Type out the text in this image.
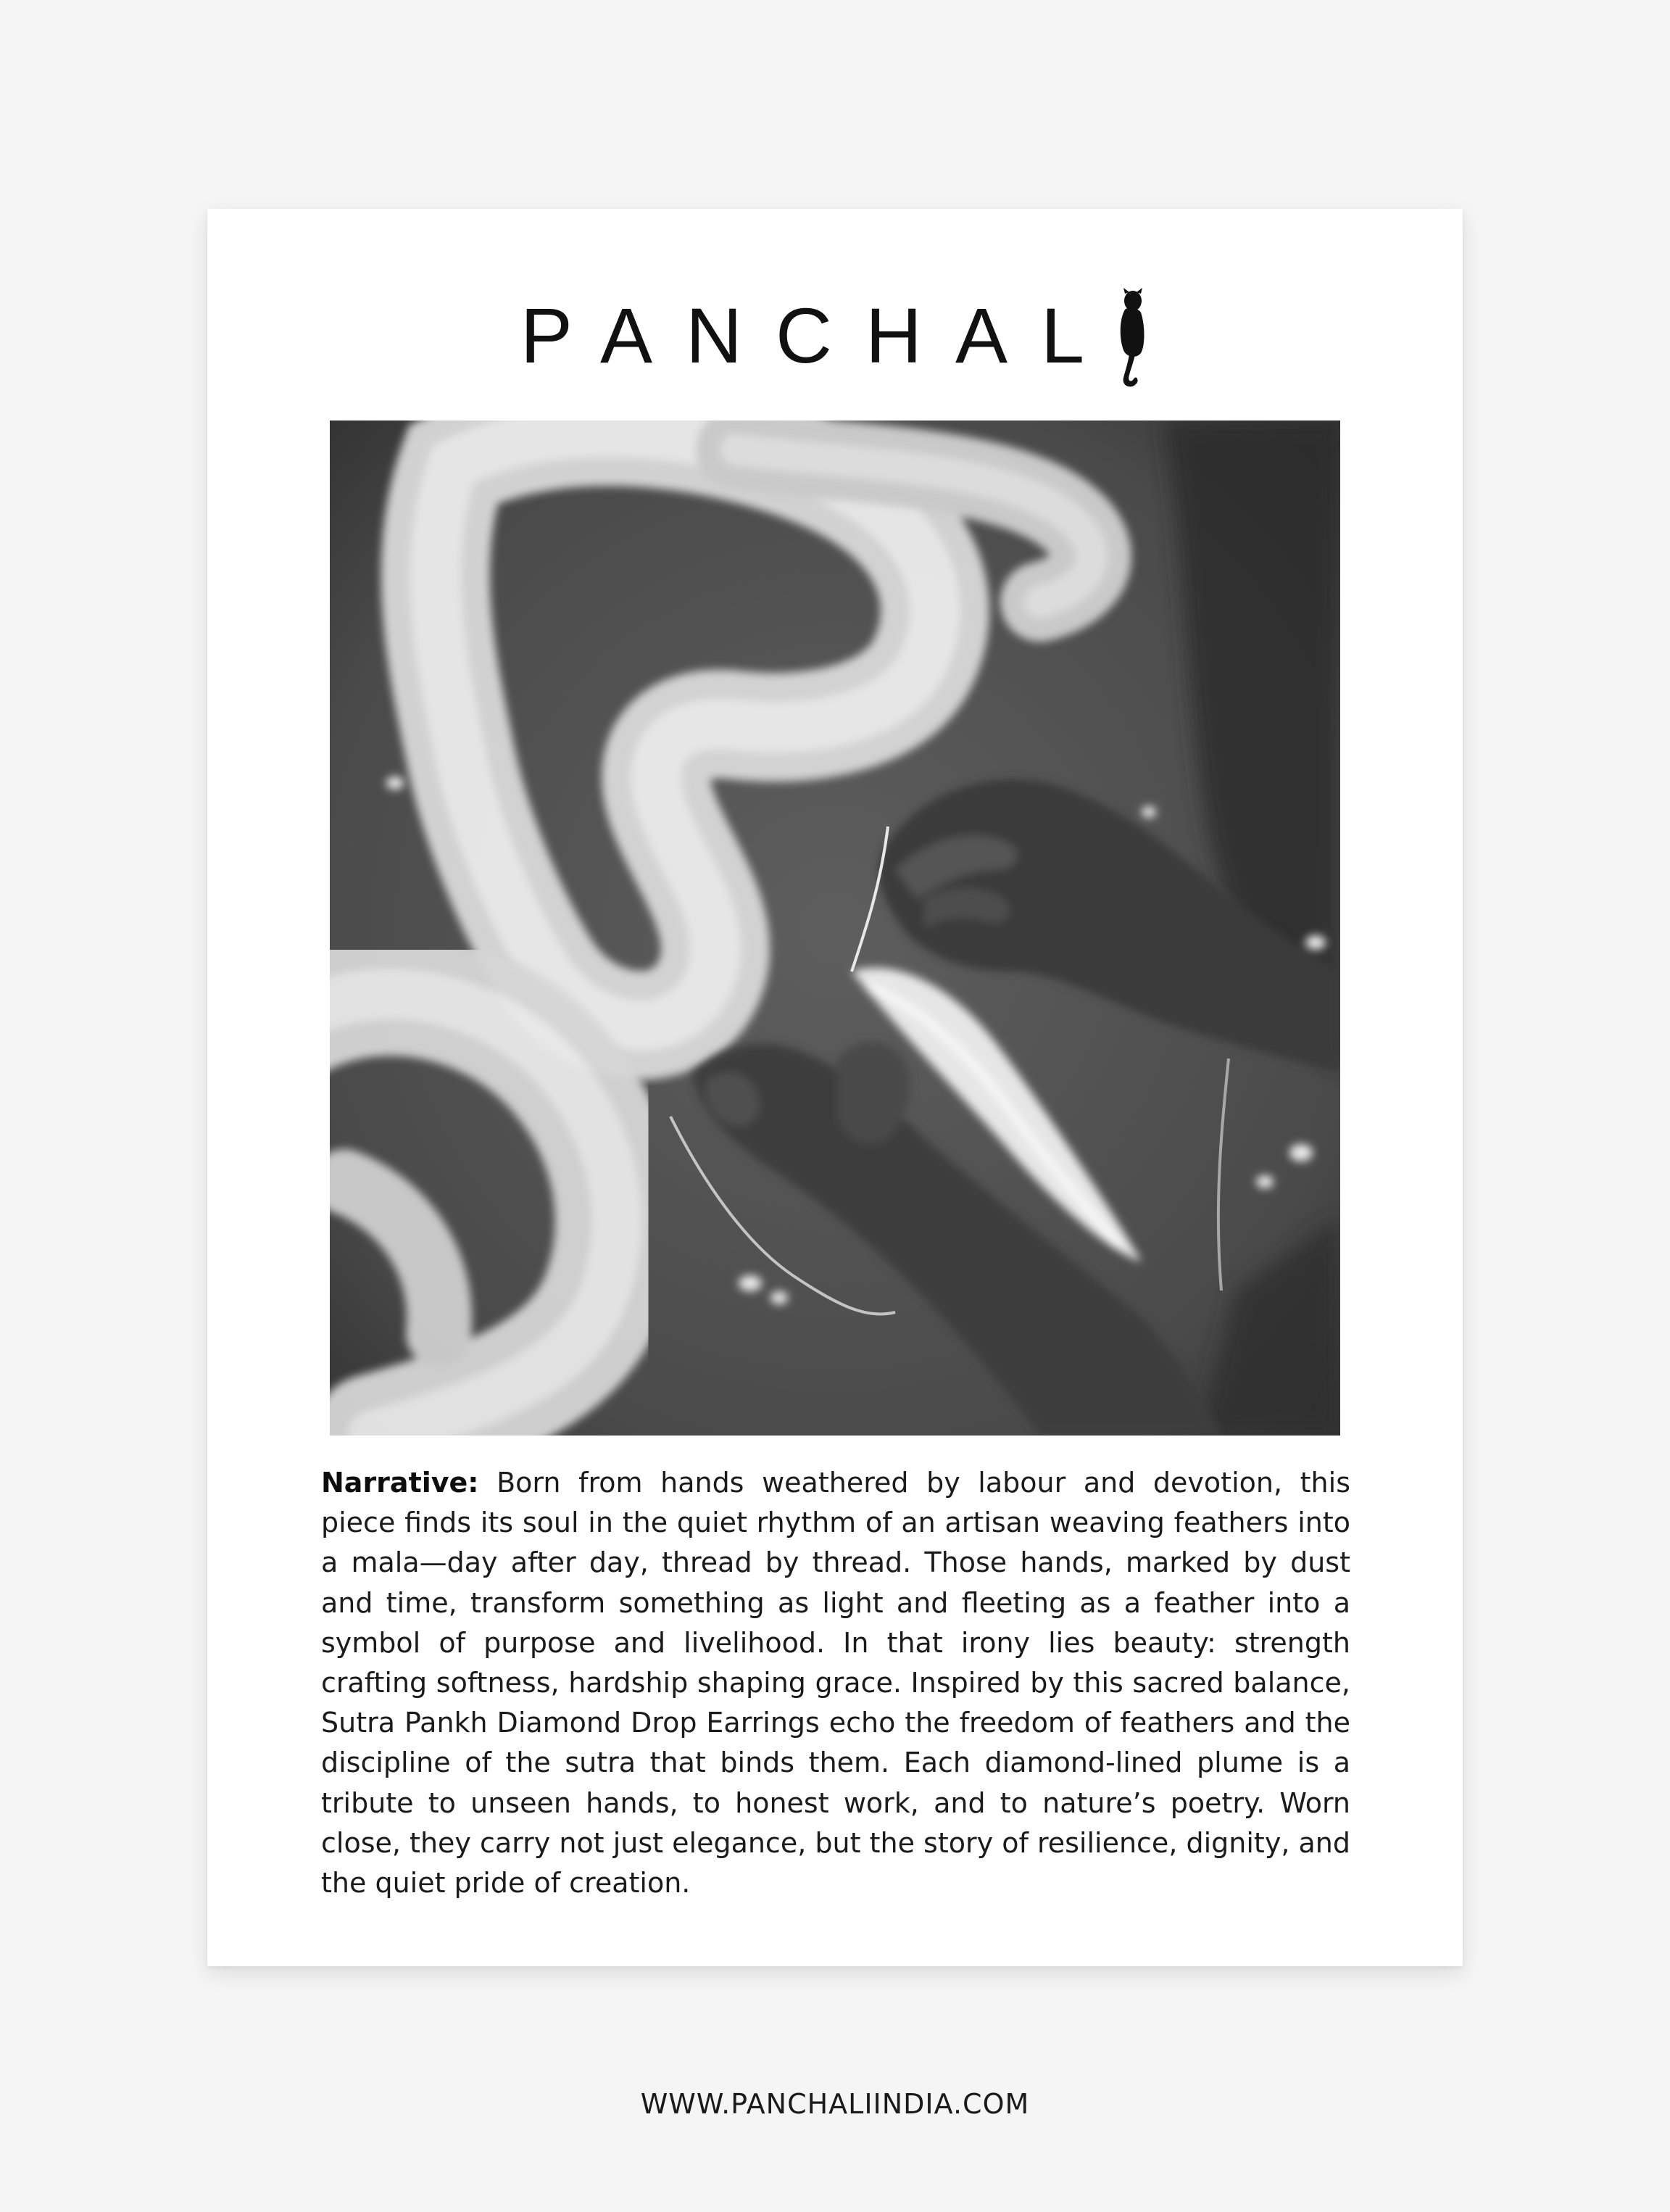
PANCHAL

Narrative: Born from hands weathered by labour and devotion, this piece finds its soul in the quiet rhythm of an artisan weaving feathers into a mala—day after day, thread by thread. Those hands, marked by dust and time, transform something as light and fleeting as a feather into a symbol of purpose and livelihood. In that irony lies beauty: strength crafting softness, hardship shaping grace. Inspired by this sacred balance, Sutra Pankh Diamond Drop Earrings echo the freedom of feathers and the discipline of the sutra that binds them. Each diamond-lined plume is a tribute to unseen hands, to honest work, and to nature’s poetry. Worn close, they carry not just elegance, but the story of resilience, dignity, and the quiet pride of creation.

WWW.PANCHALIINDIA.COM
